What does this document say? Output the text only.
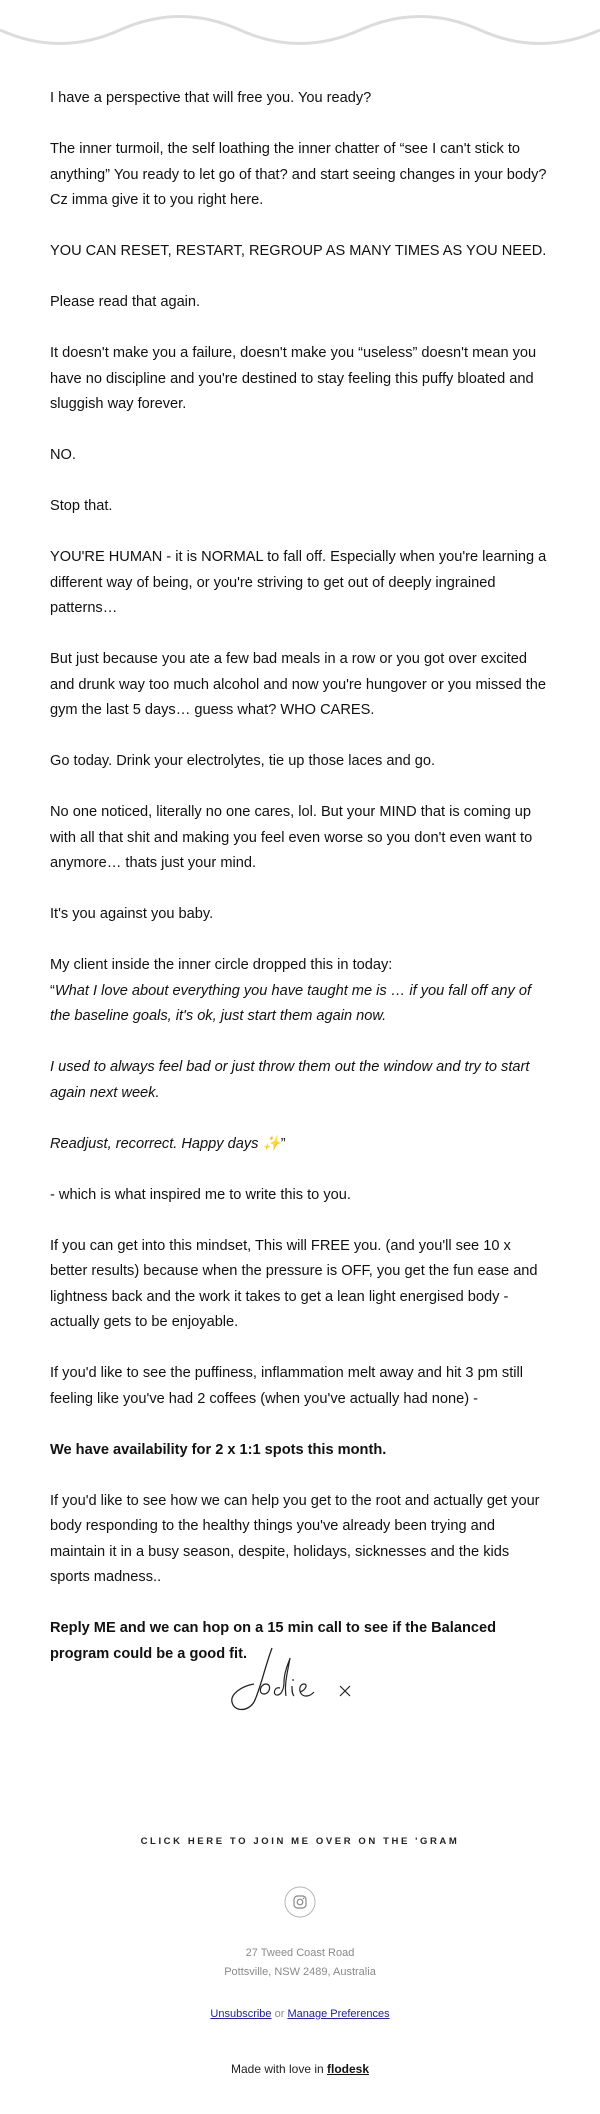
I have a perspective that will free you. You ready?

The inner turmoil, the self loathing the inner chatter of “see I can't stick to anything” You ready to let go of that? and start seeing changes in your body? Cz imma give it to you right here.

YOU CAN RESET, RESTART, REGROUP AS MANY TIMES AS YOU NEED.

Please read that again.

It doesn't make you a failure, doesn't make you “useless” doesn't mean you have no discipline and you're destined to stay feeling this puffy bloated and sluggish way forever.

NO.

Stop that.

YOU'RE HUMAN - it is NORMAL to fall off. Especially when you're learning a different way of being, or you're striving to get out of deeply ingrained patterns…

But just because you ate a few bad meals in a row or you got over excited and drunk way too much alcohol and now you're hungover or you missed the gym the last 5 days… guess what? WHO CARES.

Go today. Drink your electrolytes, tie up those laces and go.

No one noticed, literally no one cares, lol. But your MIND that is coming up with all that shit and making you feel even worse so you don't even want to anymore… thats just your mind.

It's you against you baby.

My client inside the inner circle dropped this in today:

“What I love about everything you have taught me is … if you fall off any of the baseline goals, it's ok, just start them again now.

I used to always feel bad or just throw them out the window and try to start again next week.

Readjust, recorrect. Happy days ✨”

- which is what inspired me to write this to you.

If you can get into this mindset, This will FREE you. (and you'll see 10 x better results) because when the pressure is OFF, you get the fun ease and lightness back and the work it takes to get a lean light energised body - actually gets to be enjoyable.

If you'd like to see the puffiness, inflammation melt away and hit 3 pm still feeling like you've had 2 coffees (when you've actually had none) -

We have availability for 2 x 1:1 spots this month.

If you'd like to see how we can help you get to the root and actually get your body responding to the healthy things you've already been trying and maintain it in a busy season, despite, holidays, sicknesses and the kids sports madness..

Reply ME and we can hop on a 15 min call to see if the Balanced program could be a good fit.

CLICK HERE TO JOIN ME OVER ON THE 'GRAM
27 Tweed Coast Road
Pottsville, NSW 2489, Australia
Unsubscribe or Manage Preferences
Made with love in flodesk
